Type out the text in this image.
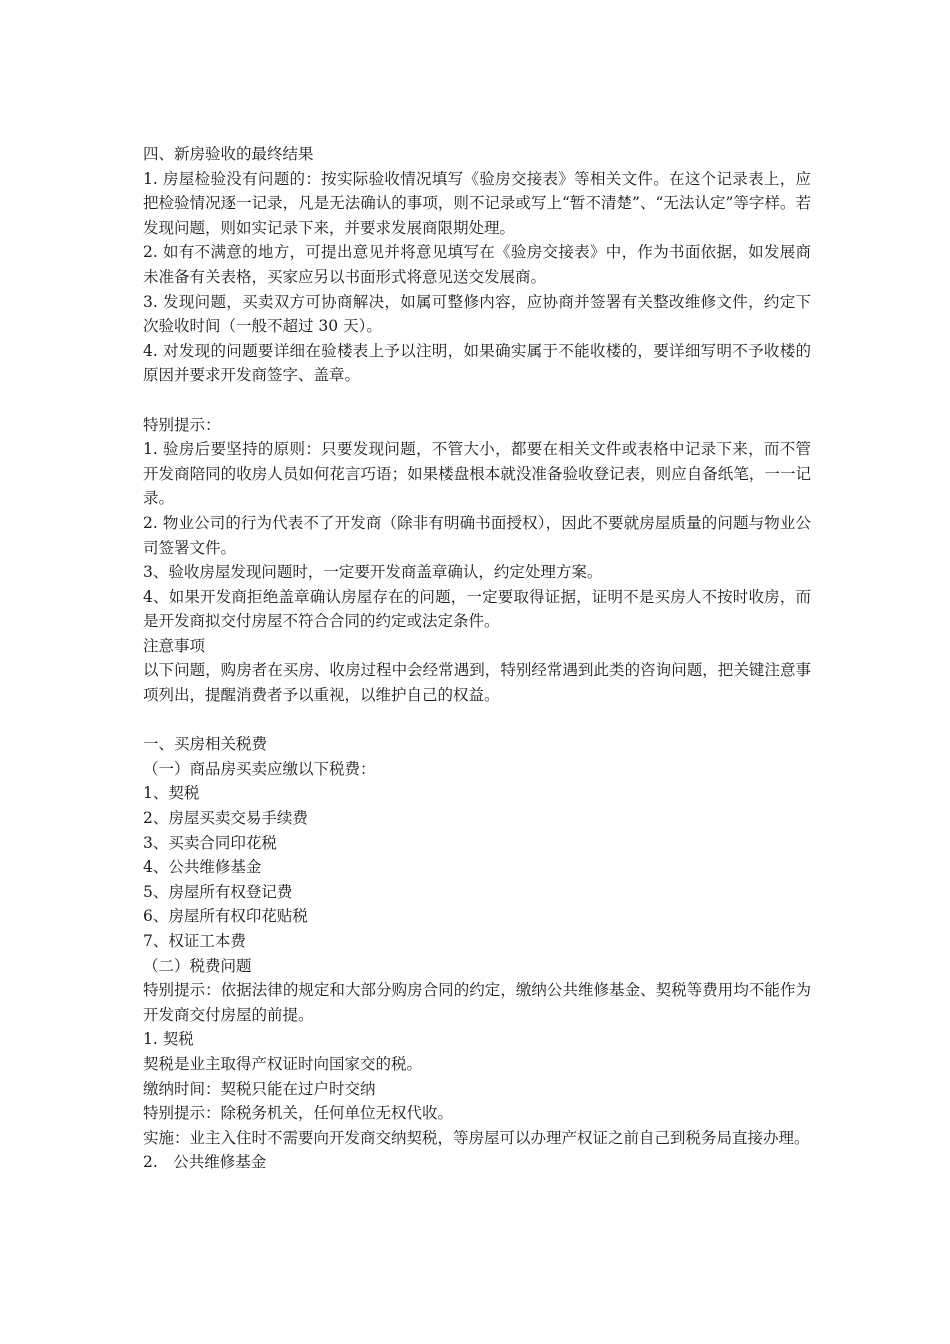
四、新房验收的最终结果

1. 房屋检验没有问题的：按实际验收情况填写《验房交接表》等相关文件。在这个记录表上，应把检验情况逐一记录，凡是无法确认的事项，则不记录或写上“暂不清楚”、“无法认定”等字样。若发现问题，则如实记录下来，并要求发展商限期处理。

2. 如有不满意的地方，可提出意见并将意见填写在《验房交接表》中，作为书面依据，如发展商未准备有关表格，买家应另以书面形式将意见送交发展商。

3. 发现问题，买卖双方可协商解决，如属可整修内容，应协商并签署有关整改维修文件，约定下次验收时间（一般不超过 30 天）。

4. 对发现的问题要详细在验楼表上予以注明，如果确实属于不能收楼的，要详细写明不予收楼的原因并要求开发商签字、盖章。

特别提示：

1. 验房后要坚持的原则：只要发现问题，不管大小，都要在相关文件或表格中记录下来，而不管开发商陪同的收房人员如何花言巧语；如果楼盘根本就没准备验收登记表，则应自备纸笔，一一记录。

2. 物业公司的行为代表不了开发商（除非有明确书面授权），因此不要就房屋质量的问题与物业公司签署文件。

3、验收房屋发现问题时，一定要开发商盖章确认，约定处理方案。

4、如果开发商拒绝盖章确认房屋存在的问题，一定要取得证据，证明不是买房人不按时收房，而是开发商拟交付房屋不符合合同的约定或法定条件。

注意事项

以下问题，购房者在买房、收房过程中会经常遇到，特别经常遇到此类的咨询问题，把关键注意事项列出，提醒消费者予以重视，以维护自己的权益。

一、买房相关税费

（一）商品房买卖应缴以下税费：

1、契税

2、房屋买卖交易手续费

3、买卖合同印花税

4、公共维修基金

5、房屋所有权登记费

6、房屋所有权印花贴税

7、权证工本费

（二）税费问题

特别提示：依据法律的规定和大部分购房合同的约定，缴纳公共维修基金、契税等费用均不能作为开发商交付房屋的前提。

1. 契税

契税是业主取得产权证时向国家交的税。

缴纳时间：契税只能在过户时交纳

特别提示：除税务机关，任何单位无权代收。

实施：业主入住时不需要向开发商交纳契税，等房屋可以办理产权证之前自己到税务局直接办理。

2.　公共维修基金
